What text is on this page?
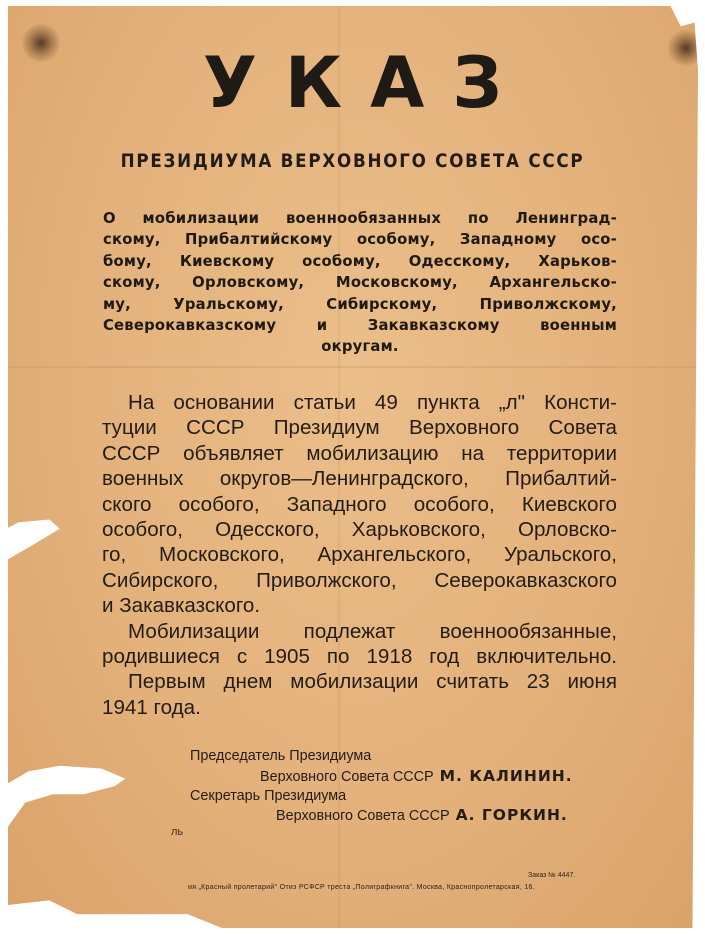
УКАЗ
ПРЕЗИДИУМА ВЕРХОВНОГО СОВЕТА СССР
О мобилизации военнообязанных по Ленинград-
скому, Прибалтийскому особому, Западному осо-
бому, Киевскому особому, Одесскому, Харьков-
скому, Орловскому, Московскому, Архангельско-
му, Уральскому, Сибирскому, Приволжскому,
Северокавказскому и Закавказскому военным
округам.
На основании статьи 49 пункта „л" Консти-
туции СССР Президиум Верховного Совета
СССР объявляет мобилизацию на территории
военных округов—Ленинградского, Прибалтий-
ского особого, Западного особого, Киевского
особого, Одесского, Харьковского, Орловско-
го, Московского, Архангельского, Уральского,
Сибирского, Приволжского, Северокавказского
и Закавказского.
Мобилизации подлежат военнообязанные,
родившиеся с 1905 по 1918 год включительно.
Первым днем мобилизации считать 23 июня
1941 года.
Председатель Президиума
Верховного Совета СССР М. КАЛИНИН.
Секретарь Президиума
Верховного Совета СССР А. ГОРКИН.
ль
Заказ № 4447.
ия „Красный пролетарий" Отиз РСФСР треста „Полиграфкнига". Москва, Краснопролетарская, 16.
